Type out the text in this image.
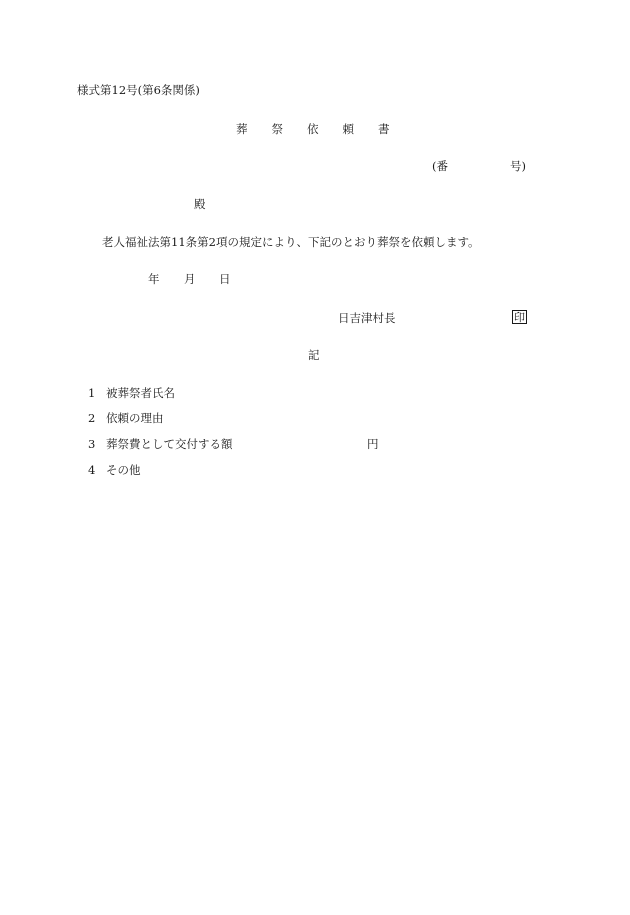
様式第12号(第6条関係)
葬 祭 依 頼 書
(番	号)
殿
老人福祉法第11条第2項の規定により、下記のとおり葬祭を依頼します。
年 月 日
日吉津村長	印
記
1 被葬祭者氏名
2 依頼の理由
3 葬祭費として交付する額	円
4 その他
